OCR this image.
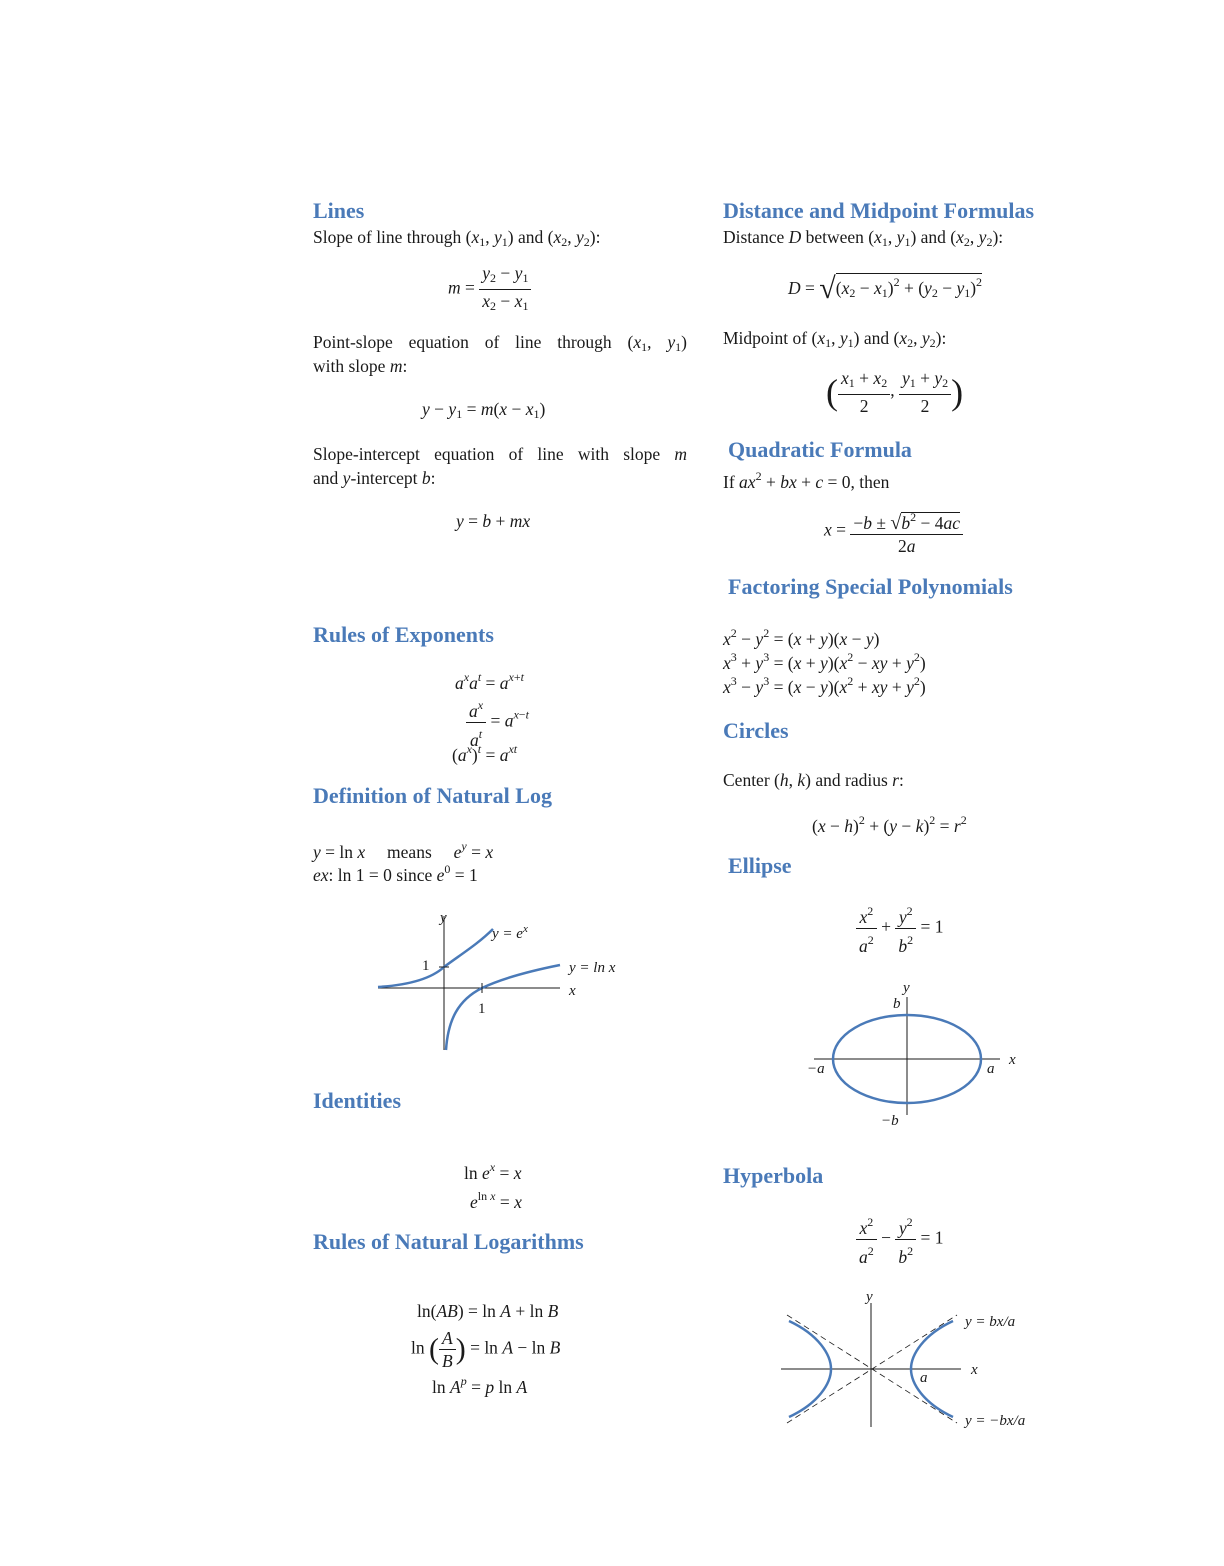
Lines
Slope of line through ($x_1$, $y_1$) and ($x_2$, $y_2$):
$m = \frac{y_2 - y_1}{x_2 - x_1}$
Point-slope equation of line through ($x_1$, $y_1$)
with slope m:
$y - y_1 = m(x - x_1)$
Slope-intercept equation of line with slope m
and y-intercept b:
y = b + mx
Rules of Exponents
$a^xa^t = a^{x+t}$
$\frac{a^x}{a^t} = a^{x-t}$
$(a^x)^t = a^{xt}$
Definition of Natural Log
y = ln x     means     $e^y = x$
ex: ln 1 = 0 since $e^0 = 1$
y
x
1
1
$y = e^x$
y = ln x
Identities
$\ln e^x = x$
$e^{ln x} = x$
Rules of Natural Logarithms
ln(AB) = ln A + ln B
ln ( $\frac{A}{B}$ ) = ln A − ln B
$\ln A^p = p$ ln A
Distance and Midpoint Formulas
Distance D between ($x_1$, $y_1$) and ($x_2$, $y_2$):
$D = √(x_2 - x_1)^2 + (y_2 - y_1)^2$
Midpoint of ($x_1$, $y_1$) and ($x_2$, $y_2$):
( $\frac{x_1 + x_2}{2}$ , $\frac{y_1 + y_2}{2}$ )
Quadratic Formula
If $ax^2$ + bx + c = 0, then
$x = \frac{-b \pm √b^2 - 4ac}{2a}$
Factoring Special Polynomials
$x^2 - y^2 = (x + y)(x - y)$
$x^3 + y^3 = (x + y)(x^2$ − xy + $y^2$)
$x^3 - y^3 = (x - y)(x^2$ + xy + $y^2$)
Circles
Center (h, k) and radius r:
$(x - h)^2 + (y - k)^2 = r^2$
Ellipse
$\frac{x^2}{a^2} + \frac{y^2}{b^2} = 1$
y
x
b
−b
a
−a
Hyperbola
$\frac{x^2}{a^2} - \frac{y^2}{b^2} = 1$
y
x
a
y = bx/a
y = −bx/a
